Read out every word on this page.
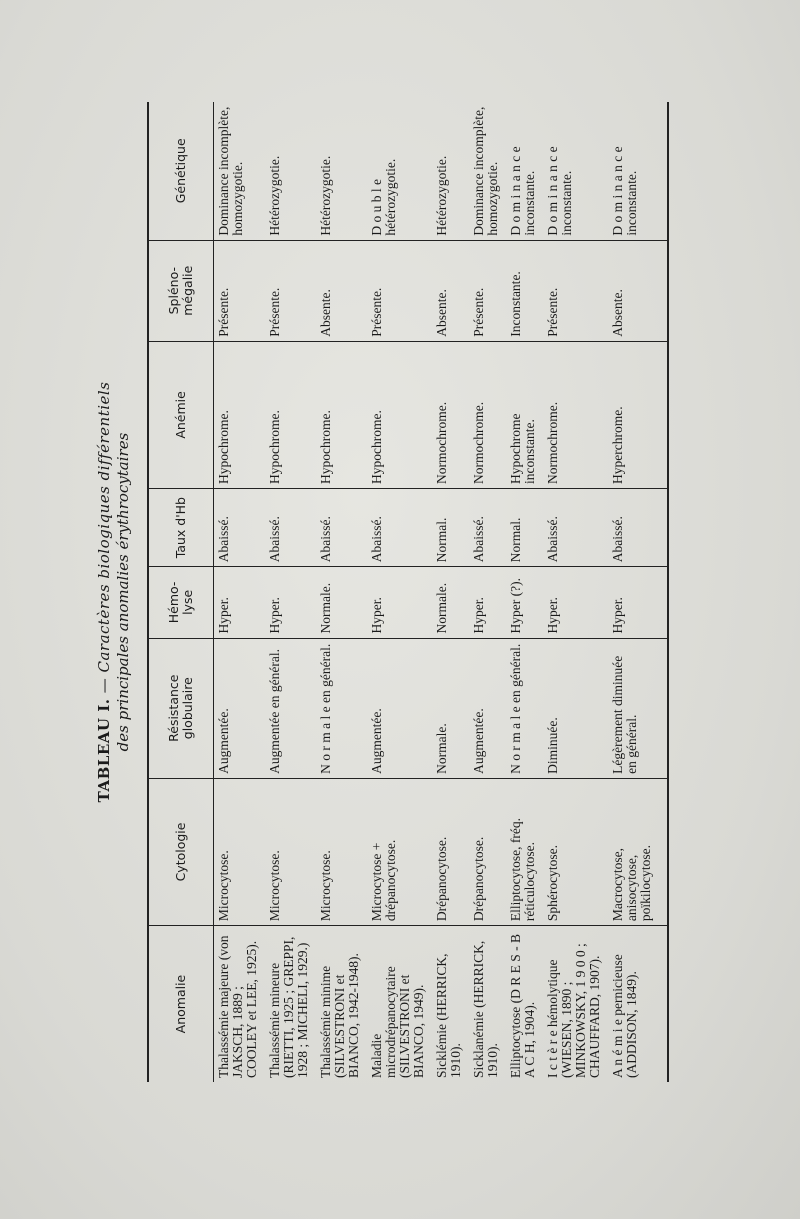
TABLEAU I. — Caractères biologiques différentiels des principales anomalies érythrocytaires
Anomalie	Cytologie	Résistance globulaire	Hémo-lyse	Taux d'Hb	Anémie	Spléno-mégalie	Génétique
Thalassémie majeure (von JAKSCH, 1889 ; COOLEY et LEE, 1925).	Microcytose.	Augmentée.	Hyper.	Abaissé.	Hypochrome.	Présente.	Dominance incomplète, homozygotie.
Thalassémie mineure (RIETTI, 1925 ; GREPPI, 1928 ; MICHELI, 1929.)	Microcytose.	Augmentée en général.	Hyper.	Abaissé.	Hypochrome.	Présente.	Hétérozygotie.
Thalassémie minime (SILVESTRONI et BIANCO, 1942-1948).	Microcytose.	N o r m a l e en général.	Normale.	Abaissé.	Hypochrome.	Absente.	Hétérozygotie.
Maladie microdrépanocytaire (SILVESTRONI et BIANCO, 1949).	Microcytose + drépanocytose.	Augmentée.	Hyper.	Abaissé.	Hypochrome.	Présente.	D o u b l e hétérozygotie.
Sicklémie (HERRICK, 1910).	Drépanocytose.	Normale.	Normale.	Normal.	Normochrome.	Absente.	Hétérozygotie.
Sicklanémie (HERRICK, 1910).	Drépanocytose.	Augmentée.	Hyper.	Abaissé.	Normochrome.	Présente.	Dominance incomplète, homozygotie.
Elliptocytose (D R E S - B A C H, 1904).	Elliptocytose, fréq. réticulocytose.	N o r m a l e en général.	Hyper (?).	Normal.	Hypochrome inconstante.	Inconstante.	D o m i n a n c e inconstante.
I c t è r e hémolytique (WIESEN, 1890 ; MINKOWSKY, 1 9 0 0 ; CHAUFFARD, 1907).	Sphérocytose.	Diminuée.	Hyper.	Abaissé.	Normochrome.	Présente.	D o m i n a n c e inconstante.
A n é m i e pernicieuse (ADDISON, 1849).	Macrocytose, anisocytose, poïkilocytose.	Légèrement diminuée en général.	Hyper.	Abaissé.	Hyperchrome.	Absente.	D o m i n a n c e inconstante.
